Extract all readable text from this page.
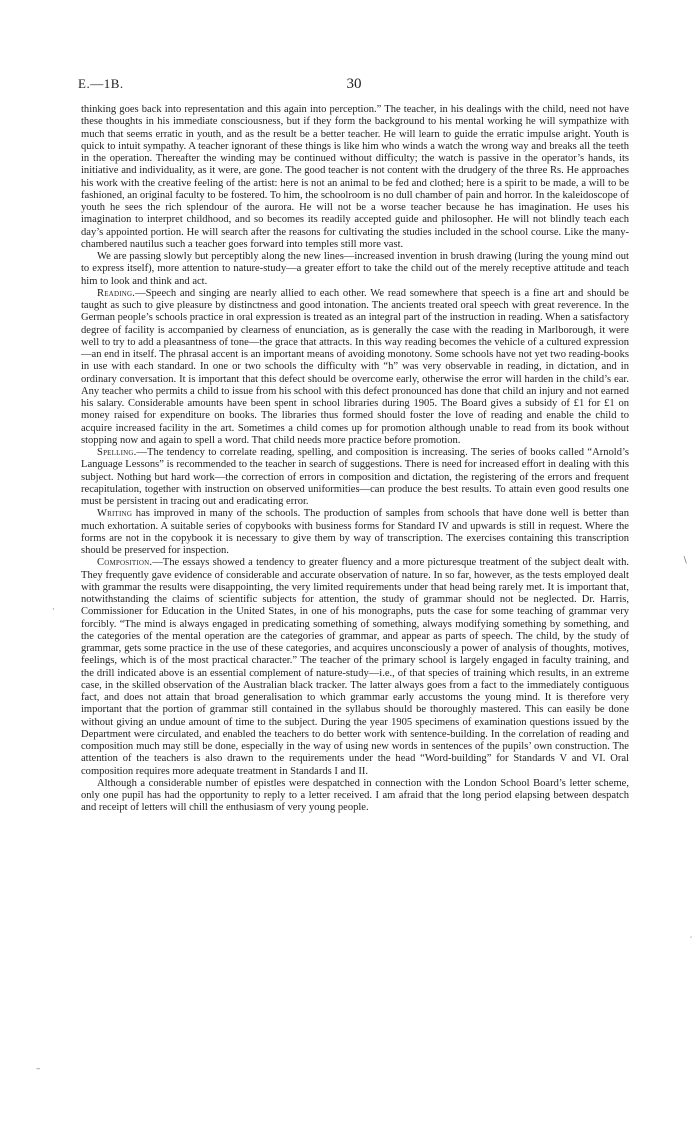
E.—1B.	30

thinking goes back into representation and this again into perception.” The teacher, in his dealings with the child, need not have these thoughts in his immediate consciousness, but if they form the background to his mental working he will sympathize with much that seems erratic in youth, and as the result be a better teacher. He will learn to guide the erratic impulse aright. Youth is quick to intuit sympathy. A teacher ignorant of these things is like him who winds a watch the wrong way and breaks all the teeth in the operation. Thereafter the winding may be continued without difficulty; the watch is passive in the operator’s hands, its initiative and individuality, as it were, are gone. The good teacher is not content with the drudgery of the three Rs. He approaches his work with the creative feeling of the artist: here is not an animal to be fed and clothed; here is a spirit to be made, a will to be fashioned, an original faculty to be fostered. To him, the schoolroom is no dull chamber of pain and horror. In the kaleidoscope of youth he sees the rich splendour of the aurora. He will not be a worse teacher because he has imagination. He uses his imagination to interpret childhood, and so becomes its readily accepted guide and philosopher. He will not blindly teach each day’s appointed portion. He will search after the reasons for cultivating the studies included in the school course. Like the many-chambered nautilus such a teacher goes forward into temples still more vast.

We are passing slowly but perceptibly along the new lines—increased invention in brush drawing (luring the young mind out to express itself), more attention to nature-study—a greater effort to take the child out of the merely receptive attitude and teach him to look and think and act.

Reading.—Speech and singing are nearly allied to each other. We read somewhere that speech is a fine art and should be taught as such to give pleasure by distinctness and good intonation. The ancients treated oral speech with great reverence. In the German people’s schools practice in oral expression is treated as an integral part of the instruction in reading. When a satisfactory degree of facility is accompanied by clearness of enunciation, as is generally the case with the reading in Marlborough, it were well to try to add a pleasantness of tone—the grace that attracts. In this way reading becomes the vehicle of a cultured expression—an end in itself. The phrasal accent is an important means of avoiding monotony. Some schools have not yet two reading-books in use with each standard. In one or two schools the difficulty with “h” was very observable in reading, in dictation, and in ordinary conversation. It is important that this defect should be overcome early, otherwise the error will harden in the child’s ear. Any teacher who permits a child to issue from his school with this defect pronounced has done that child an injury and not earned his salary. Considerable amounts have been spent in school libraries during 1905. The Board gives a subsidy of £1 for £1 on money raised for expenditure on books. The libraries thus formed should foster the love of reading and enable the child to acquire increased facility in the art. Sometimes a child comes up for promotion although unable to read from its book without stopping now and again to spell a word. That child needs more practice before promotion.

Spelling.—The tendency to correlate reading, spelling, and composition is increasing. The series of books called “Arnold’s Language Lessons” is recommended to the teacher in search of suggestions. There is need for increased effort in dealing with this subject. Nothing but hard work—the correction of errors in composition and dictation, the registering of the errors and frequent recapitulation, together with instruction on observed uniformities—can produce the best results. To attain even good results one must be persistent in tracing out and eradicating error.

Writing has improved in many of the schools. The production of samples from schools that have done well is better than much exhortation. A suitable series of copybooks with business forms for Standard IV and upwards is still in request. Where the forms are not in the copybook it is necessary to give them by way of transcription. The exercises containing this transcription should be preserved for inspection.

Composition.—The essays showed a tendency to greater fluency and a more picturesque treatment of the subject dealt with. They frequently gave evidence of considerable and accurate observation of nature. In so far, however, as the tests employed dealt with grammar the results were disappointing, the very limited requirements under that head being rarely met. It is important that, notwithstanding the claims of scientific subjects for attention, the study of grammar should not be neglected. Dr. Harris, Commissioner for Education in the United States, in one of his monographs, puts the case for some teaching of grammar very forcibly. “The mind is always engaged in predicating something of something, always modifying something by something, and the categories of the mental operation are the categories of grammar, and appear as parts of speech. The child, by the study of grammar, gets some practice in the use of these categories, and acquires unconsciously a power of analysis of thoughts, motives, feelings, which is of the most practical character.” The teacher of the primary school is largely engaged in faculty training, and the drill indicated above is an essential complement of nature-study—i.e., of that species of training which results, in an extreme case, in the skilled observation of the Australian black tracker. The latter always goes from a fact to the immediately contiguous fact, and does not attain that broad generalisation to which grammar early accustoms the young mind. It is therefore very important that the portion of grammar still contained in the syllabus should be thoroughly mastered. This can easily be done without giving an undue amount of time to the subject. During the year 1905 specimens of examination questions issued by the Department were circulated, and enabled the teachers to do better work with sentence-building. In the correlation of reading and composition much may still be done, especially in the way of using new words in sentences of the pupils’ own construction. The attention of the teachers is also drawn to the requirements under the head “Word-building” for Standards V and VI. Oral composition requires more adequate treatment in Standards I and II.

Although a considerable number of epistles were despatched in connection with the London School Board’s letter scheme, only one pupil has had the opportunity to reply to a letter received. I am afraid that the long period elapsing between despatch and receipt of letters will chill the enthusiasm of very young people.

∖
·
′
–
